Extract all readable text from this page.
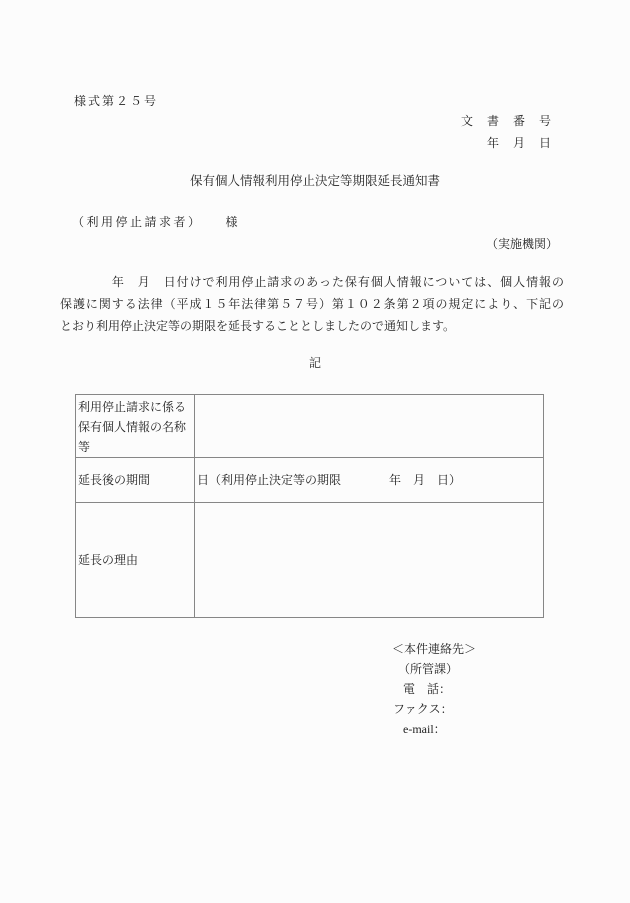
様式第２５号
文　書　番　号
年　月　日
保有個人情報利用停止決定等期限延長通知書
（利用停止請求者）　　様
（実施機関）
　　　　年　月　日付けで利用停止請求のあった保有個人情報については、個人情報の
保護に関する法律（平成１５年法律第５７号）第１０２条第２項の規定により、下記の
とおり利用停止決定等の期限を延長することとしましたので通知します。
記
利用停止請求に係る保有個人情報の名称等	
延長後の期間	日（利用停止決定等の期限　　　　年　月　日）
延長の理由	
＜本件連絡先＞
（所管課）
電　話：
ファクス：
e-mail：
